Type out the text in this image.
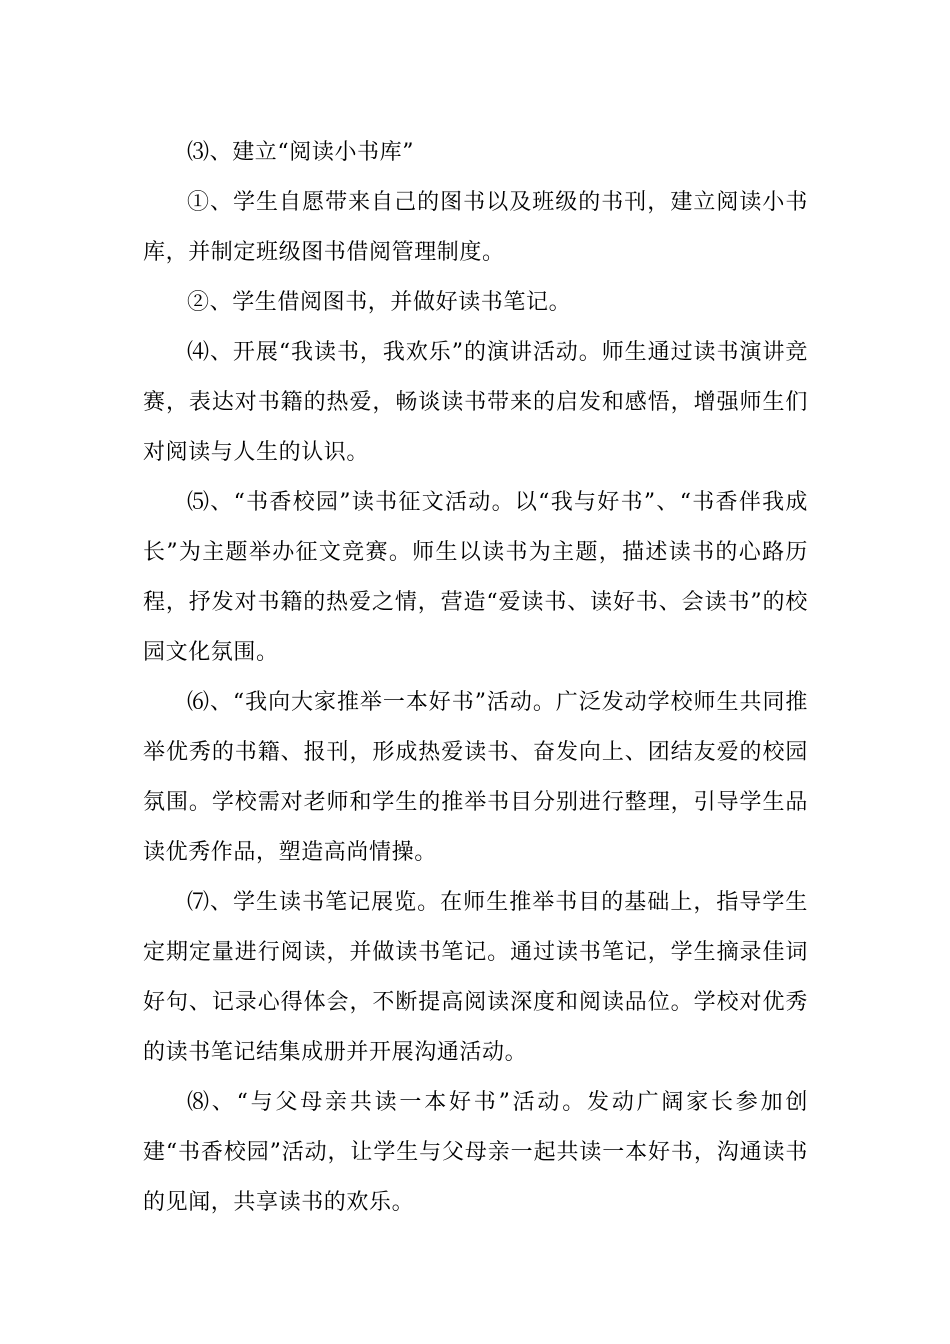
⑶、建立“阅读小书库”

①、学生自愿带来自己的图书以及班级的书刊，建立阅读小书库，并制定班级图书借阅管理制度。

②、学生借阅图书，并做好读书笔记。

⑷、开展“我读书，我欢乐”的演讲活动。师生通过读书演讲竞赛，表达对书籍的热爱，畅谈读书带来的启发和感悟，增强师生们对阅读与人生的认识。

⑸、“书香校园”读书征文活动。以“我与好书”、“书香伴我成长”为主题举办征文竞赛。师生以读书为主题，描述读书的心路历程，抒发对书籍的热爱之情，营造“爱读书、读好书、会读书”的校园文化氛围。

⑹、“我向大家推举一本好书”活动。广泛发动学校师生共同推举优秀的书籍、报刊，形成热爱读书、奋发向上、团结友爱的校园氛围。学校需对老师和学生的推举书目分别进行整理，引导学生品读优秀作品，塑造高尚情操。

⑺、学生读书笔记展览。在师生推举书目的基础上，指导学生定期定量进行阅读，并做读书笔记。通过读书笔记，学生摘录佳词好句、记录心得体会，不断提高阅读深度和阅读品位。学校对优秀的读书笔记结集成册并开展沟通活动。

⑻、“与父母亲共读一本好书”活动。发动广阔家长参加创建“书香校园”活动，让学生与父母亲一起共读一本好书，沟通读书的见闻，共享读书的欢乐。
